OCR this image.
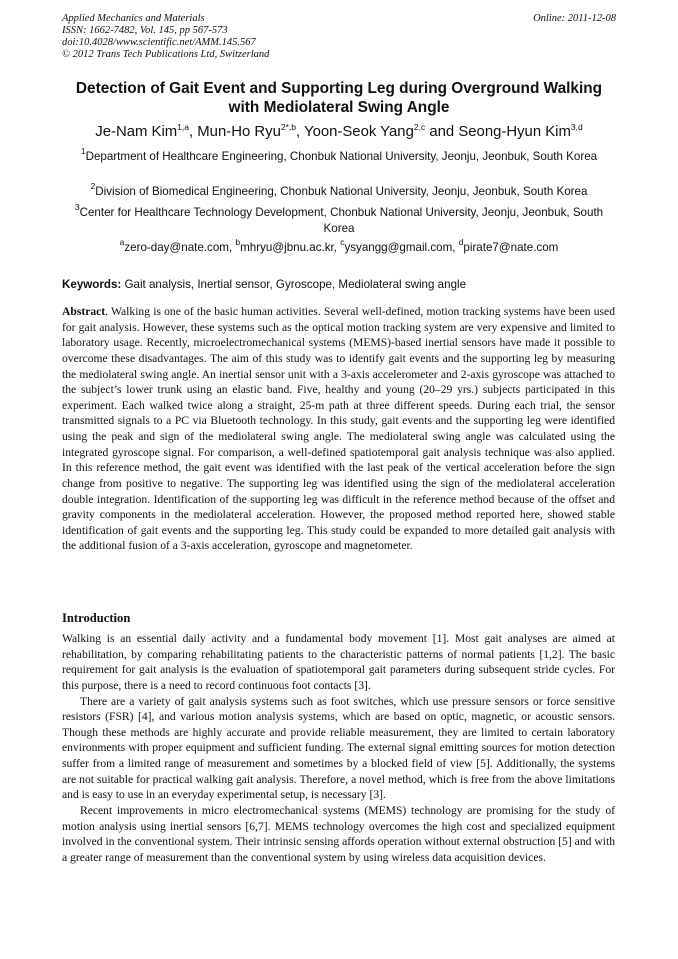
Applied Mechanics and Materials
ISSN: 1662-7482, Vol. 145, pp 567-573
doi:10.4028/www.scientific.net/AMM.145.567
© 2012 Trans Tech Publications Ltd, Switzerland
Online: 2011-12-08
Detection of Gait Event and Supporting Leg during Overground Walking with Mediolateral Swing Angle
Je-Nam Kim$^{1,a}$, Mun-Ho Ryu$^{2*,b}$, Yoon-Seok Yang$^{2,c}$ and Seong-Hyun Kim$^{3,d}$
$^1$Department of Healthcare Engineering, Chonbuk National University, Jeonju, Jeonbuk, South Korea
$^2$Division of Biomedical Engineering, Chonbuk National University, Jeonju, Jeonbuk, South Korea
$^3$Center for Healthcare Technology Development, Chonbuk National University, Jeonju, Jeonbuk, South Korea
$^a$zero-day@nate.com, $^b$mhryu@jbnu.ac.kr, $^c$ysyangg@gmail.com, $^d$pirate7@nate.com
Keywords: Gait analysis, Inertial sensor, Gyroscope, Mediolateral swing angle
Abstract. Walking is one of the basic human activities. Several well-defined, motion tracking systems have been used for gait analysis. However, these systems such as the optical motion tracking system are very expensive and limited to laboratory usage. Recently, microelectromechanical systems (MEMS)-based inertial sensors have made it possible to overcome these disadvantages. The aim of this study was to identify gait events and the supporting leg by measuring the mediolateral swing angle. An inertial sensor unit with a 3-axis accelerometer and 2-axis gyroscope was attached to the subject’s lower trunk using an elastic band. Five, healthy and young (20–29 yrs.) subjects participated in this experiment. Each walked twice along a straight, 25-m path at three different speeds. During each trial, the sensor transmitted signals to a PC via Bluetooth technology. In this study, gait events and the supporting leg were identified using the peak and sign of the mediolateral swing angle. The mediolateral swing angle was calculated using the integrated gyroscope signal. For comparison, a well-defined spatiotemporal gait analysis technique was also applied. In this reference method, the gait event was identified with the last peak of the vertical acceleration before the sign change from positive to negative. The supporting leg was identified using the sign of the mediolateral acceleration double integration. Identification of the supporting leg was difficult in the reference method because of the offset and gravity components in the mediolateral acceleration. However, the proposed method reported here, showed stable identification of gait events and the supporting leg. This study could be expanded to more detailed gait analysis with the additional fusion of a 3-axis acceleration, gyroscope and magnetometer.
Introduction

Walking is an essential daily activity and a fundamental body movement [1]. Most gait analyses are aimed at rehabilitation, by comparing rehabilitating patients to the characteristic patterns of normal patients [1,2]. The basic requirement for gait analysis is the evaluation of spatiotemporal gait parameters during subsequent stride cycles. For this purpose, there is a need to record continuous foot contacts [3].

There are a variety of gait analysis systems such as foot switches, which use pressure sensors or force sensitive resistors (FSR) [4], and various motion analysis systems, which are based on optic, magnetic, or acoustic sensors. Though these methods are highly accurate and provide reliable measurement, they are limited to certain laboratory environments with proper equipment and sufficient funding. The external signal emitting sources for motion detection suffer from a limited range of measurement and sometimes by a blocked field of view [5]. Additionally, the systems are not suitable for practical walking gait analysis. Therefore, a novel method, which is free from the above limitations and is easy to use in an everyday experimental setup, is necessary [3].

Recent improvements in micro electromechanical systems (MEMS) technology are promising for the study of motion analysis using inertial sensors [6,7]. MEMS technology overcomes the high cost and specialized equipment involved in the conventional system. Their intrinsic sensing affords operation without external obstruction [5] and with a greater range of measurement than the conventional system by using wireless data acquisition devices.
